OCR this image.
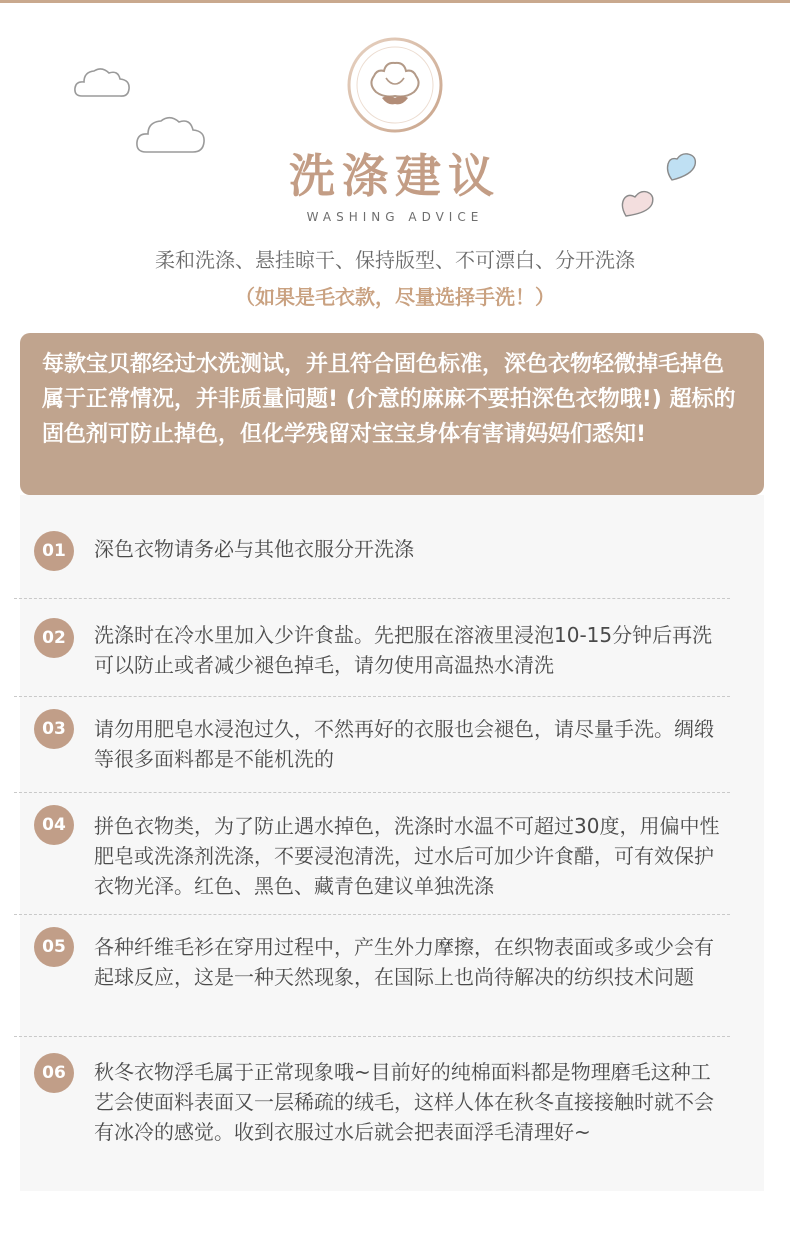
洗涤建议
WASHING ADVICE
柔和洗涤、悬挂晾干、保持版型、不可漂白、分开洗涤
（如果是毛衣款，尽量选择手洗！）
每款宝贝都经过水洗测试，并且符合固色标准，深色衣物轻微掉毛掉色属于正常情况，并非质量问题! (介意的麻麻不要拍深色衣物哦!) 超标的固色剂可防止掉色，但化学残留对宝宝身体有害请妈妈们悉知!
01	深色衣物请务必与其他衣服分开洗涤
02	洗涤时在冷水里加入少许食盐。先把服在溶液里浸泡10-15分钟后再洗可以防止或者减少褪色掉毛，请勿使用高温热水清洗
03	请勿用肥皂水浸泡过久，不然再好的衣服也会褪色，请尽量手洗。绸缎等很多面料都是不能机洗的
04	拼色衣物类，为了防止遇水掉色，洗涤时水温不可超过30度，用偏中性肥皂或洗涤剂洗涤，不要浸泡清洗，过水后可加少许食醋，可有效保护衣物光泽。红色、黑色、藏青色建议单独洗涤
05	各种纤维毛衫在穿用过程中，产生外力摩擦，在织物表面或多或少会有起球反应，这是一种天然现象，在国际上也尚待解决的纺织技术问题
06	秋冬衣物浮毛属于正常现象哦~目前好的纯棉面料都是物理磨毛这种工艺会使面料表面又一层稀疏的绒毛，这样人体在秋冬直接接触时就不会有冰冷的感觉。收到衣服过水后就会把表面浮毛清理好~
